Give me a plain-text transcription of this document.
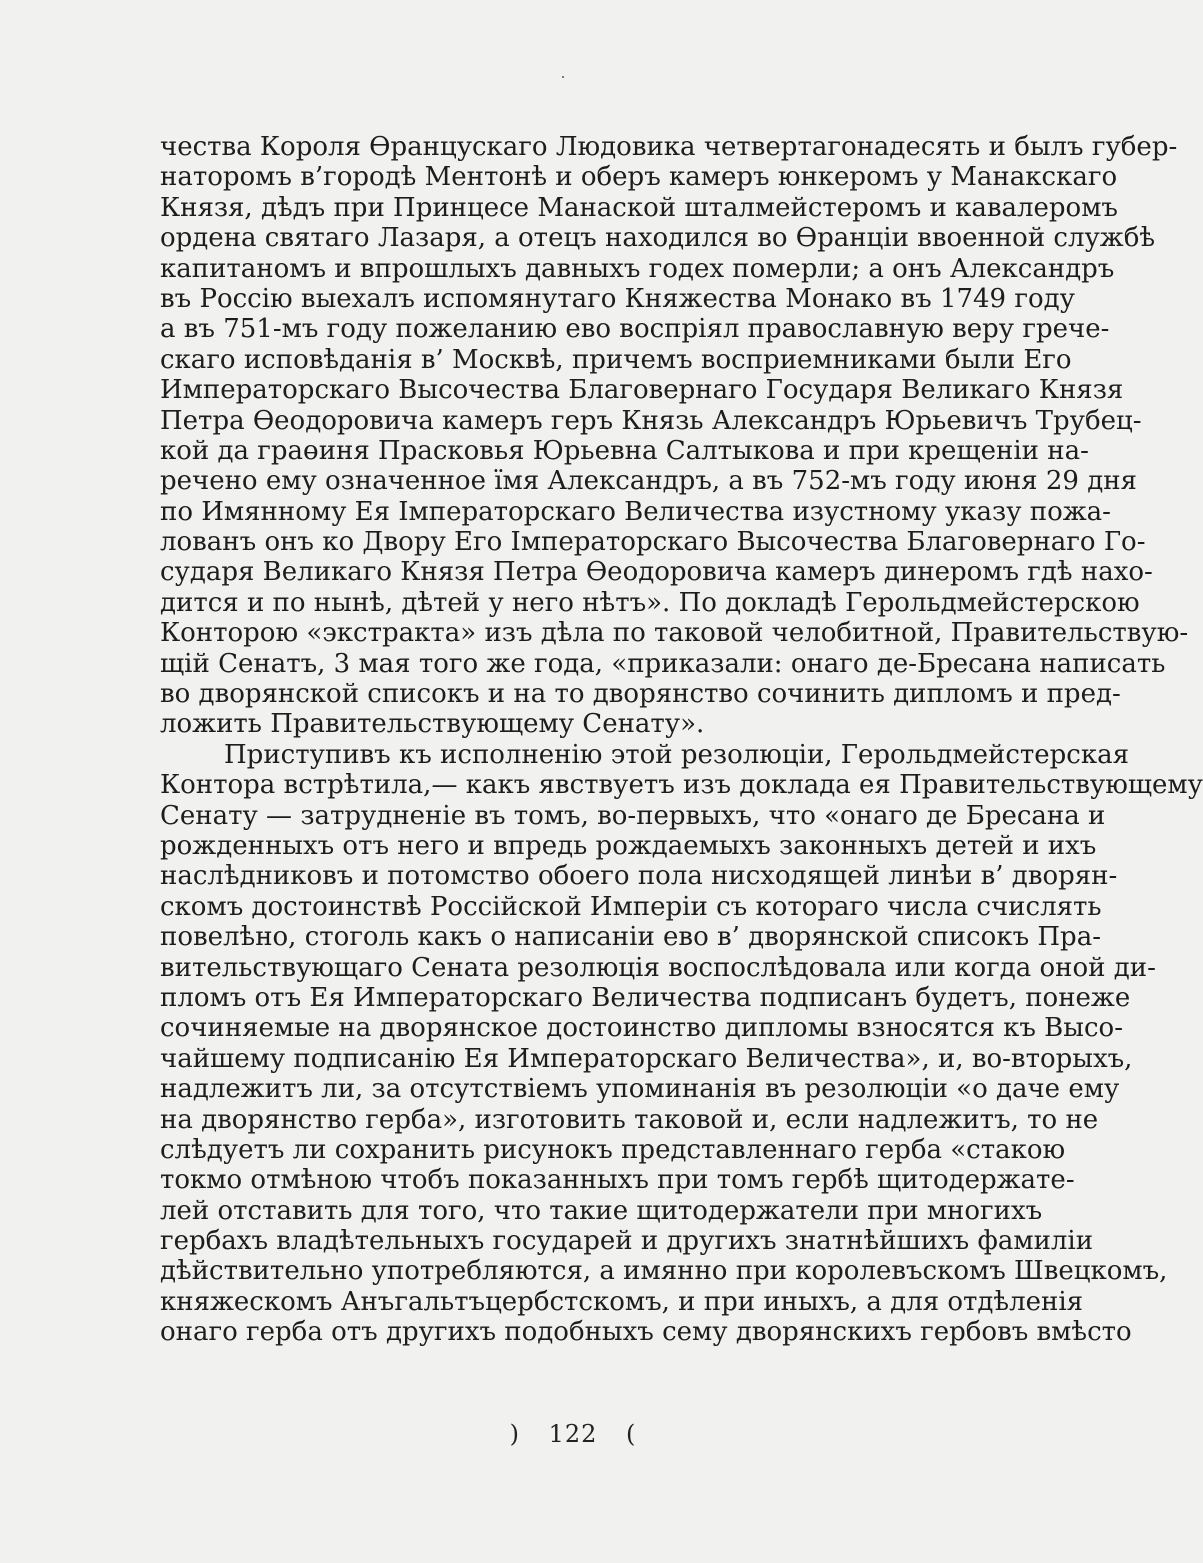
чества Короля Өранцускаго Людовика четвертагонадесять и былъ губер-
наторомъ в’городѣ Ментонѣ и оберъ камеръ юнкеромъ у Манакскаго
Князя, дѣдъ при Принцесе Манаской шталмейстеромъ и кавалеромъ
ордена святаго Лазаря, а отецъ находился во Өранціи ввоенной службѣ
капитаномъ и впрошлыхъ давныхъ годех померли; а онъ Александръ
въ Россію выехалъ испомянутаго Княжества Монако въ 1749 году
а въ 751-мъ году пожеланию ево воспріял православную веру грече-
скаго исповѣданія в’ Москвѣ, причемъ восприемниками были Его
Императорскаго Высочества Благовернаго Государя Великаго Князя
Петра Өеодоровича камеръ геръ Князь Александръ Юрьевичъ Трубец-
кой да граөиня Прасковья Юрьевна Салтыкова и при крещеніи на-
речено ему означенное їмя Александръ, а въ 752-мъ году июня 29 дня
по Имянному Ея Імператорскаго Величества изустному указу пожа-
лованъ онъ ко Двору Его Імператорскаго Высочества Благовернаго Го-
сударя Великаго Князя Петра Өеодоровича камеръ динеромъ гдѣ нахо-
дится и по нынѣ, дѣтей у него нѣтъ». По докладѣ Герольдмейстерскою
Конторою «экстракта» изъ дѣла по таковой челобитной, Правительствую-
щій Сенатъ, 3 мая того же года, «приказали: онаго де-Бресана написать
во дворянской списокъ и на то дворянство сочинить дипломъ и пред-
ложить Правительствующему Сенату».
Приступивъ къ исполненію этой резолюціи, Герольдмейстерская
Контора встрѣтила,— какъ явствуетъ изъ доклада ея Правительствующему
Сенату — затрудненіе въ томъ, во-первыхъ, что «онаго де Бресана и
рожденныхъ отъ него и впредь рождаемыхъ законныхъ детей и ихъ
наслѣдниковъ и потомство обоего пола нисходящей линѣи в’ дворян-
скомъ достоинствѣ Россійской Имперіи съ котораго числа счислять
повелѣно, стоголь какъ о написаніи ево в’ дворянской списокъ Пра-
вительствующаго Сената резолюція воспослѣдовала или когда оной ди-
пломъ отъ Ея Императорскаго Величества подписанъ будетъ, понеже
сочиняемые на дворянское достоинство дипломы взносятся къ Высо-
чайшему подписанію Ея Императорскаго Величества», и, во-вторыхъ,
надлежитъ ли, за отсутствіемъ упоминанія въ резолюціи «о даче ему
на дворянство герба», изготовить таковой и, если надлежитъ, то не
слѣдуетъ ли сохранить рисунокъ представленнаго герба «стакою
токмо отмѣною чтобъ показанныхъ при томъ гербѣ щитодержате-
лей отставить для того, что такие щитодержатели при многихъ
гербахъ владѣтельныхъ государей и другихъ знатнѣйшихъ фамиліи
дѣйствительно употребляются, а имянно при королевъскомъ Швецкомъ,
княжескомъ Анъгальтъцербстскомъ, и при иныхъ, а для отдѣленія
онаго герба отъ другихъ подобныхъ сему дворянскихъ гербовъ вмѣсто
) 122 (
